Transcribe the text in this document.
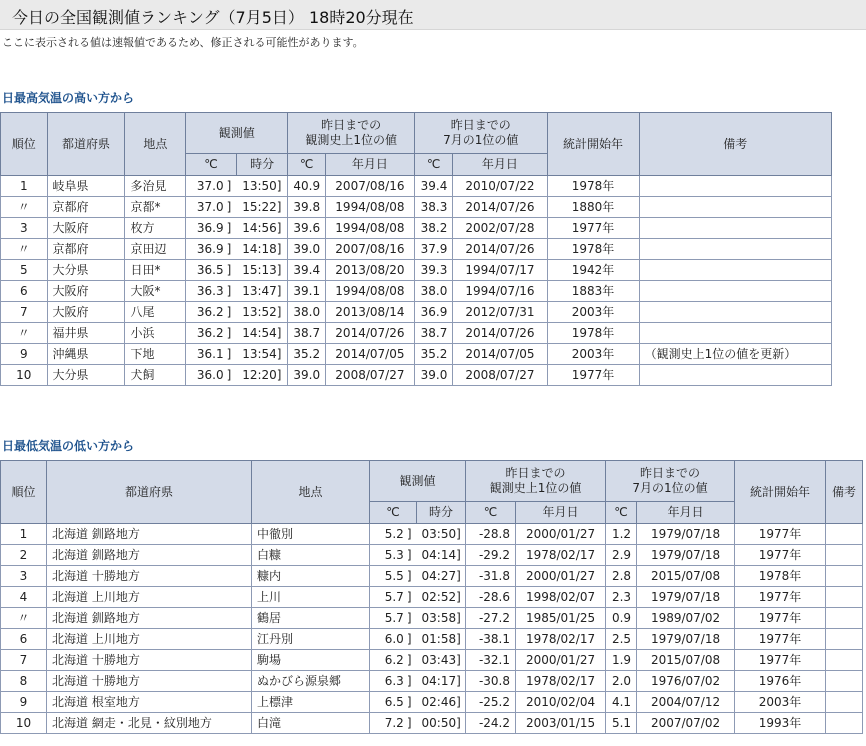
今日の全国観測値ランキング（7月5日） 18時20分現在
ここに表示される値は速報値であるため、修正される可能性があります。
日最高気温の高い方から
順位	都道府県	地点	観測値		昨日までの
観測史上1位の値		昨日までの
7月の1位の値		統計開始年	備考
			℃	時分	℃	年月日	℃	年月日		
1	岐阜県	多治見	37.0 ]	13:50]	40.9	2007/08/16	39.4	2010/07/22	1978年	
〃	京都府	京都*	37.0 ]	15:22]	39.8	1994/08/08	38.3	2014/07/26	1880年	
3	大阪府	枚方	36.9 ]	14:56]	39.6	1994/08/08	38.2	2002/07/28	1977年	
〃	京都府	京田辺	36.9 ]	14:18]	39.0	2007/08/16	37.9	2014/07/26	1978年	
5	大分県	日田*	36.5 ]	15:13]	39.4	2013/08/20	39.3	1994/07/17	1942年	
6	大阪府	大阪*	36.3 ]	13:47]	39.1	1994/08/08	38.0	1994/07/16	1883年	
7	大阪府	八尾	36.2 ]	13:52]	38.0	2013/08/14	36.9	2012/07/31	2003年	
〃	福井県	小浜	36.2 ]	14:54]	38.7	2014/07/26	38.7	2014/07/26	1978年	
9	沖縄県	下地	36.1 ]	13:54]	35.2	2014/07/05	35.2	2014/07/05	2003年	（観測史上1位の値を更新）
10	大分県	犬飼	36.0 ]	12:20]	39.0	2008/07/27	39.0	2008/07/27	1977年	
日最低気温の低い方から
順位	都道府県	地点	観測値		昨日までの
観測史上1位の値		昨日までの
7月の1位の値		統計開始年	備考
			℃	時分	℃	年月日	℃	年月日		
1	北海道 釧路地方	中徹別	5.2 ]	03:50]	-28.8	2000/01/27	1.2	1979/07/18	1977年	
2	北海道 釧路地方	白糠	5.3 ]	04:14]	-29.2	1978/02/17	2.9	1979/07/18	1977年	
3	北海道 十勝地方	糠内	5.5 ]	04:27]	-31.8	2000/01/27	2.8	2015/07/08	1978年	
4	北海道 上川地方	上川	5.7 ]	02:52]	-28.6	1998/02/07	2.3	1979/07/18	1977年	
〃	北海道 釧路地方	鶴居	5.7 ]	03:58]	-27.2	1985/01/25	0.9	1989/07/02	1977年	
6	北海道 上川地方	江丹別	6.0 ]	01:58]	-38.1	1978/02/17	2.5	1979/07/18	1977年	
7	北海道 十勝地方	駒場	6.2 ]	03:43]	-32.1	2000/01/27	1.9	2015/07/08	1977年	
8	北海道 十勝地方	ぬかびら源泉郷	6.3 ]	04:17]	-30.8	1978/02/17	2.0	1976/07/02	1976年	
9	北海道 根室地方	上標津	6.5 ]	02:46]	-25.2	2010/02/04	4.1	2004/07/12	2003年	
10	北海道 網走・北見・紋別地方	白滝	7.2 ]	00:50]	-24.2	2003/01/15	5.1	2007/07/02	1993年	
